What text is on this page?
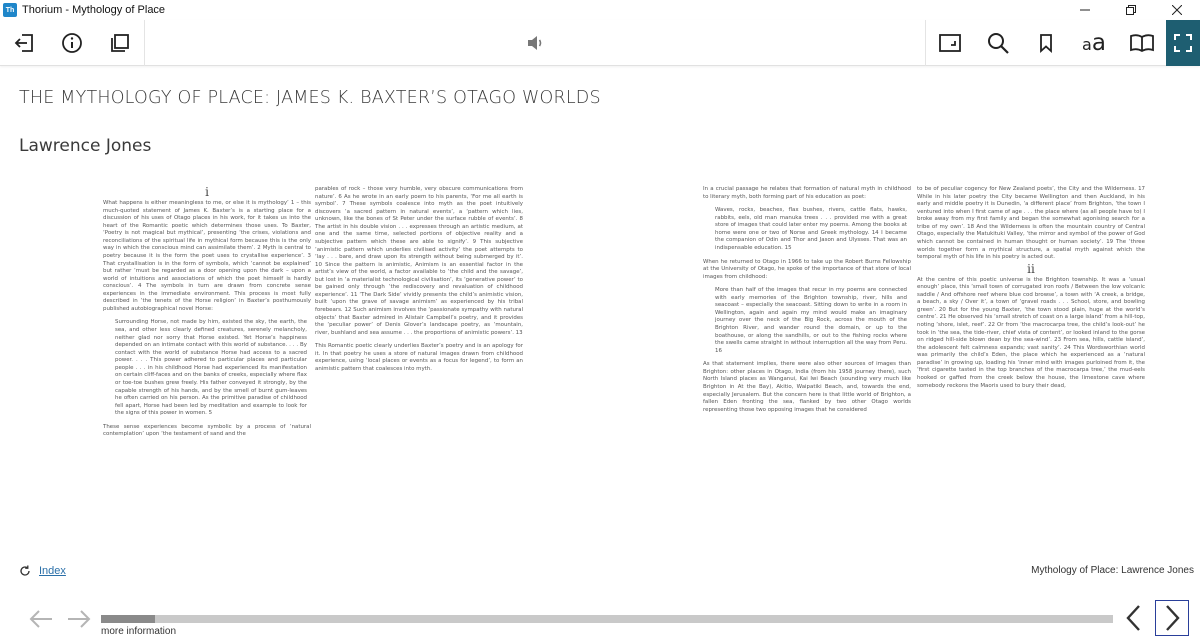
Th Thorium - Mythology of Place
aa
THE MYTHOLOGY OF PLACE: JAMES K. BAXTER’S OTAGO WORLDS
Lawrence Jones
i

What happens is either meaningless to me, or else it is mythology’ 1 – this much-quoted statement of James K. Baxter’s is a starting place for a discussion of his uses of Otago places in his work, for it takes us into the heart of the Romantic poetic which determines those uses. To Baxter, ‘Poetry is not magical but mythical’, presenting ‘the crises, violations and reconciliations of the spiritual life in mythical form because this is the only way in which the conscious mind can assimilate them’. 2 Myth is central to poetry because it is the form the poet uses to crystallise experience’. 3 That crystallisation is in the form of symbols, which ‘cannot be explained’ but rather ‘must be regarded as a door opening upon the dark – upon a world of intuitions and associations of which the poet himself is hardly conscious’. 4 The symbols in turn are drawn from concrete sense experiences in the immediate environment. This process is most fully described in ‘the tenets of the Horse religion’ in Baxter’s posthumously published autobiographical novel Horse:

Surrounding Horse, not made by him, existed the sky, the earth, the sea, and other less clearly defined creatures, serenely melancholy, neither glad nor sorry that Horse existed. Yet Horse’s happiness depended on an intimate contact with this world of substance. . . . By contact with the world of substance Horse had access to a sacred power. . . . This power adhered to particular places and particular people . . . in his childhood Horse had experienced its manifestation on certain cliff-faces and on the banks of creeks, especially where flax or toe-toe bushes grew freely. His father conveyed it strongly, by the capable strength of his hands, and by the smell of burnt gum-leaves he often carried on his person. As the primitive paradise of childhood fell apart, Horse had been led by meditation and example to look for the signs of this power in women. 5

These sense experiences become symbolic by a process of ‘natural contemplation’ upon ‘the testament of sand and the

parables of rock – those very humble, very obscure communications from nature’. 6 As he wrote in an early poem to his parents, ‘For me all earth is symbol’. 7 These symbols coalesce into myth as the poet intuitively discovers ‘a sacred pattern in natural events’, a ‘pattern which lies, unknown, like the bones of St Peter under the surface rubble of events’. 8 The artist in his double vision . . . expresses through an artistic medium, at one and the same time, selected portions of objective reality and a subjective pattern which these are able to signify’. 9 This subjective ‘animistic pattern which underlies civilised activity’ the poet attempts to ‘lay . . . bare, and draw upon its strength without being submerged by it’. 10 Since the pattern is animistic, Animism is an essential factor in the artist’s view of the world, a factor available to ‘the child and the savage’, but lost in ‘a materialist technological civilisation’, its ‘generative power’ to be gained only through ‘the rediscovery and revaluation of childhood experience’. 11 ‘The Dark Side’ vividly presents the child’s animistic vision, built ‘upon the grave of savage animism’ as experienced by his tribal forebears. 12 Such animism involves the ‘passionate sympathy with natural objects’ that Baxter admired in Alistair Campbell’s poetry, and it provides the ‘peculiar power’ of Denis Glover’s landscape poetry, as ‘mountain, river, bushland and sea assume . . . the proportions of animistic powers’. 13

This Romantic poetic clearly underlies Baxter’s poetry and is an apology for it. In that poetry he uses a store of natural images drawn from childhood experience, using ‘local places or events as a focus for legend’, to form an animistic pattern that coalesces into myth.

In a crucial passage he relates that formation of natural myth in childhood to literary myth, both forming part of his education as poet:

Waves, rocks, beaches, flax bushes, rivers, cattle flats, hawks, rabbits, eels, old man manuka trees . . . provided me with a great store of images that could later enter my poems. Among the books at home were one or two of Norse and Greek mythology. 14 I became the companion of Odin and Thor and Jason and Ulysses. That was an indispensable education. 15

When he returned to Otago in 1966 to take up the Robert Burns Fellowship at the University of Otago, he spoke of the importance of that store of local images from childhood:

More than half of the images that recur in my poems are connected with early memories of the Brighton township, river, hills and seacoast – especially the seacoast. Sitting down to write in a room in Wellington, again and again my mind would make an imaginary journey over the neck of the Big Rock, across the mouth of the Brighton River, and wander round the domain, or up to the boathouse, or along the sandhills, or out to the fishing rocks where the swells came straight in without interruption all the way from Peru. 16

As that statement implies, there were also other sources of images than Brighton: other places in Otago, India (from his 1958 journey there), such North Island places as Wanganui, Kai Iwi Beach (sounding very much like Brighton in At the Bay), Akitio, Waipatiki Beach, and, towards the end, especially Jerusalem. But the concern here is that little world of Brighton, a fallen Eden fronting the sea, flanked by two other Otago worlds representing those two opposing images that he considered

to be of peculiar cogency for New Zealand poets’, the City and the Wilderness. 17 While in his later poetry the City became Wellington and then Auckland, in his early and middle poetry it is Dunedin, ‘a different place’ from Brighton, ‘the town I ventured into when I first came of age . . . the place where (as all people have to) I broke away from my first family and began the somewhat agonising search for a tribe of my own’. 18 And the Wilderness is often the mountain country of Central Otago, especially the Matukituki Valley, ‘the mirror and symbol of the power of God which cannot be contained in human thought or human society’. 19 The ‘three worlds together form a mythical structure, a spatial myth against which the temporal myth of his life in his poetry is acted out.

ii

At the centre of this poetic universe is the Brighton township. It was a ‘usual enough’ place, this ‘small town of corrugated iron roofs / Between the low volcanic saddle / And offshore reef where blue cod browse’, a town with ‘A creek, a bridge, a beach, a sky / Over it’, a town of ‘gravel roads . . . School, store, and bowling green’. 20 But for the young Baxter, ‘the town stood plain, huge at the world’s centre’. 21 He observed his ‘small stretch of coast on a large island’ from a hill-top, noting ‘shore, islet, reef’. 22 Or from ‘the macrocarpa tree, the child’s look-out’ he took in ‘the sea, the tide-river, chief vista of content’, or looked inland to the gorse on ridged hill-side blown dean by the sea-wind’. 23 From sea, hills, cattle island’, the adolescent felt calmness expands; vast sanity’. 24 This Wordsworthian world was primarily the child’s Eden, the place which he experienced as a ‘natural paradise’ in growing up, loading his ‘inner mind with images purloined from it, the ‘first cigarette tasted in the top branches of the macrocarpa tree,’ the mud-eels hooked or gaffed from the creek below the house, the limestone cave where somebody reckons the Maoris used to bury their dead,

Index	Mythology of Place: Lawrence Jones
more information
